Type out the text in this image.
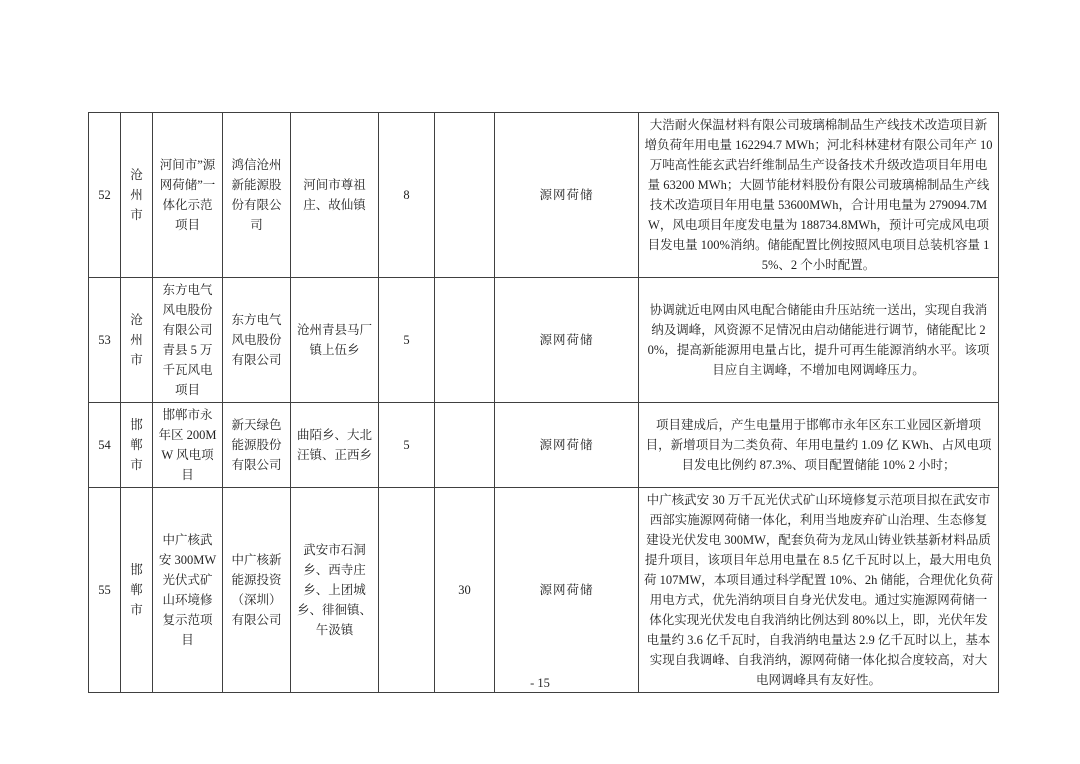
52	沧州市	河间市”源网荷储”一体化示范项目	鸿信沧州新能源股份有限公司	河间市尊祖庄、故仙镇	8		源网荷储	大浩耐火保温材料有限公司玻璃棉制品生产线技术改造项目新增负荷年用电量 162294.7 MWh；河北科林建材有限公司年产 10 万吨高性能玄武岩纤维制品生产设备技术升级改造项目年用电量 63200 MWh；大圆节能材料股份有限公司玻璃棉制品生产线技术改造项目年用电量 53600MWh，合计用电量为 279094.7MW，风电项目年度发电量为 188734.8MWh，预计可完成风电项目发电量 100%消纳。储能配置比例按照风电项目总装机容量 15%、2 个小时配置。
53	沧州市	东方电气风电股份有限公司青县 5 万千瓦风电项目	东方电气风电股份有限公司	沧州青县马厂镇上伍乡	5		源网荷储	协调就近电网由风电配合储能由升压站统一送出，实现自我消纳及调峰，风资源不足情况由启动储能进行调节，储能配比 20%，提高新能源用电量占比，提升可再生能源消纳水平。该项目应自主调峰，不增加电网调峰压力。
54	邯郸市	邯郸市永年区 200MW 风电项目	新天绿色能源股份有限公司	曲陌乡、大北汪镇、正西乡	5		源网荷储	项目建成后，产生电量用于邯郸市永年区东工业园区新增项目，新增项目为二类负荷、年用电量约 1.09 亿 KWh、占风电项目发电比例约 87.3%、项目配置储能 10% 2 小时；
55	邯郸市	中广核武安 300MW 光伏式矿山环境修复示范项目	中广核新能源投资（深圳）有限公司	武安市石洞乡、西寺庄乡、上团城乡、徘徊镇、午汲镇		30	源网荷储	中广核武安 30 万千瓦光伏式矿山环境修复示范项目拟在武安市西部实施源网荷储一体化，利用当地废弃矿山治理、生态修复建设光伏发电 300MW，配套负荷为龙凤山铸业铁基新材料品质提升项目，该项目年总用电量在 8.5 亿千瓦时以上，最大用电负荷 107MW，本项目通过科学配置 10%、2h 储能，合理优化负荷用电方式，优先消纳项目自身光伏发电。通过实施源网荷储一体化实现光伏发电自我消纳比例达到 80%以上，即，光伏年发电量约 3.6 亿千瓦时，自我消纳电量达 2.9 亿千瓦时以上，基本实现自我调峰、自我消纳，源网荷储一体化拟合度较高，对大电网调峰具有友好性。
- 15
